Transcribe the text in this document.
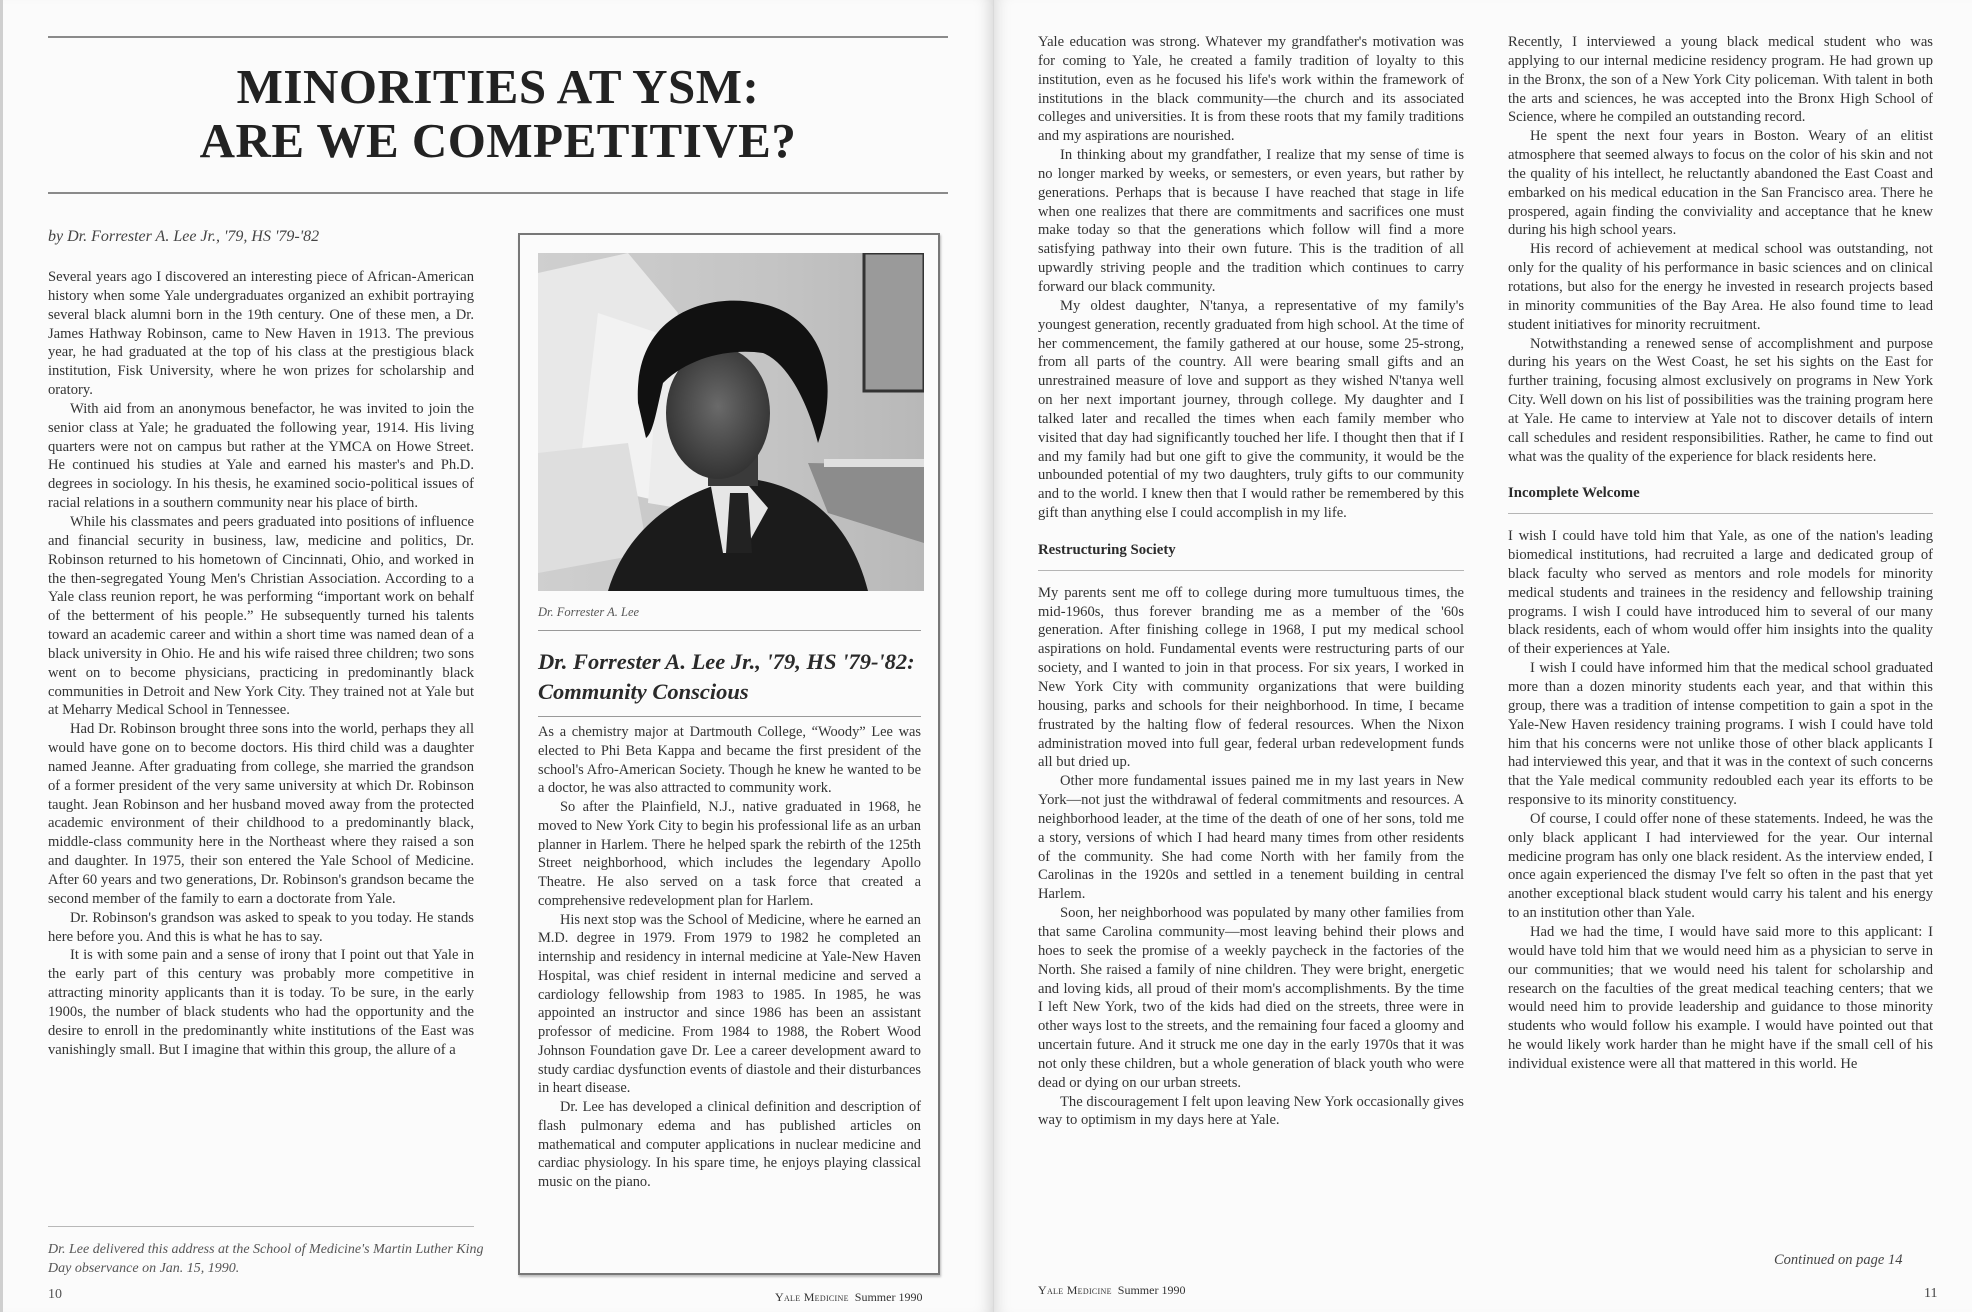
MINORITIES AT YSM:
ARE WE COMPETITIVE?
by Dr. Forrester A. Lee Jr., '79, HS '79-'82

Several years ago I discovered an interesting piece of African-American history when some Yale undergraduates organized an exhibit portraying several black alumni born in the 19th century. One of these men, a Dr. James Hathway Robinson, came to New Haven in 1913. The previous year, he had graduated at the top of his class at the prestigious black institution, Fisk University, where he won prizes for scholarship and oratory.

With aid from an anonymous benefactor, he was invited to join the senior class at Yale; he graduated the following year, 1914. His living quarters were not on campus but rather at the YMCA on Howe Street. He continued his studies at Yale and earned his master's and Ph.D. degrees in sociology. In his thesis, he examined socio-political issues of racial relations in a southern community near his place of birth.

While his classmates and peers graduated into positions of influence and financial security in business, law, medicine and politics, Dr. Robinson returned to his hometown of Cincinnati, Ohio, and worked in the then-segregated Young Men's Christian Association. According to a Yale class reunion report, he was performing “important work on behalf of the betterment of his people.” He subsequently turned his talents toward an academic career and within a short time was named dean of a black university in Ohio. He and his wife raised three children; two sons went on to become physicians, practicing in predominantly black communities in Detroit and New York City. They trained not at Yale but at Meharry Medical School in Tennessee.

Had Dr. Robinson brought three sons into the world, perhaps they all would have gone on to become doctors. His third child was a daughter named Jeanne. After graduating from college, she married the grandson of a former president of the very same university at which Dr. Robinson taught. Jean Robinson and her husband moved away from the protected academic environment of their childhood to a predominantly black, middle-class community here in the Northeast where they raised a son and daughter. In 1975, their son entered the Yale School of Medicine. After 60 years and two generations, Dr. Robinson's grandson became the second member of the family to earn a doctorate from Yale.

Dr. Robinson's grandson was asked to speak to you today. He stands here before you. And this is what he has to say.

It is with some pain and a sense of irony that I point out that Yale in the early part of this century was probably more competitive in attracting minority applicants than it is today. To be sure, in the early 1900s, the number of black students who had the opportunity and the desire to enroll in the predominantly white institutions of the East was vanishingly small. But I imagine that within this group, the allure of a

Dr. Lee delivered this address at the School of Medicine's Martin Luther King Day observance on Jan. 15, 1990.
10	Yale Medicine Summer 1990
Dr. Forrester A. Lee
Dr. Forrester A. Lee Jr., '79, HS '79-'82:
Community Conscious

As a chemistry major at Dartmouth College, “Woody” Lee was elected to Phi Beta Kappa and became the first president of the school's Afro-American Society. Though he knew he wanted to be a doctor, he was also attracted to community work.

So after the Plainfield, N.J., native graduated in 1968, he moved to New York City to begin his professional life as an urban planner in Harlem. There he helped spark the rebirth of the 125th Street neighborhood, which includes the legendary Apollo Theatre. He also served on a task force that created a comprehensive redevelopment plan for Harlem.

His next stop was the School of Medicine, where he earned an M.D. degree in 1979. From 1979 to 1982 he completed an internship and residency in internal medicine at Yale-New Haven Hospital, was chief resident in internal medicine and served a cardiology fellowship from 1983 to 1985. In 1985, he was appointed an instructor and since 1986 has been an assistant professor of medicine. From 1984 to 1988, the Robert Wood Johnson Foundation gave Dr. Lee a career development award to study cardiac dysfunction events of diastole and their disturbances in heart disease.

Dr. Lee has developed a clinical definition and description of flash pulmonary edema and has published articles on mathematical and computer applications in nuclear medicine and cardiac physiology. In his spare time, he enjoys playing classical music on the piano.

Yale education was strong. Whatever my grandfather's motivation was for coming to Yale, he created a family tradition of loyalty to this institution, even as he focused his life's work within the framework of institutions in the black community—the church and its associated colleges and universities. It is from these roots that my family traditions and my aspirations are nourished.

In thinking about my grandfather, I realize that my sense of time is no longer marked by weeks, or semesters, or even years, but rather by generations. Perhaps that is because I have reached that stage in life when one realizes that there are commitments and sacrifices one must make today so that the generations which follow will find a more satisfying pathway into their own future. This is the tradition of all upwardly striving people and the tradition which continues to carry forward our black community.

My oldest daughter, N'tanya, a representative of my family's youngest generation, recently graduated from high school. At the time of her commencement, the family gathered at our house, some 25-strong, from all parts of the country. All were bearing small gifts and an unrestrained measure of love and support as they wished N'tanya well on her next important journey, through college. My daughter and I talked later and recalled the times when each family member who visited that day had significantly touched her life. I thought then that if I and my family had but one gift to give the community, it would be the unbounded potential of my two daughters, truly gifts to our community and to the world. I knew then that I would rather be remembered by this gift than anything else I could accomplish in my life.

Restructuring Society

My parents sent me off to college during more tumultuous times, the mid-1960s, thus forever branding me as a member of the '60s generation. After finishing college in 1968, I put my medical school aspirations on hold. Fundamental events were restructuring parts of our society, and I wanted to join in that process. For six years, I worked in New York City with community organizations that were building housing, parks and schools for their neighborhood. In time, I became frustrated by the halting flow of federal resources. When the Nixon administration moved into full gear, federal urban redevelopment funds all but dried up.

Other more fundamental issues pained me in my last years in New York—not just the withdrawal of federal commitments and resources. A neighborhood leader, at the time of the death of one of her sons, told me a story, versions of which I had heard many times from other residents of the community. She had come North with her family from the Carolinas in the 1920s and settled in a tenement building in central Harlem.

Soon, her neighborhood was populated by many other families from that same Carolina community—most leaving behind their plows and hoes to seek the promise of a weekly paycheck in the factories of the North. She raised a family of nine children. They were bright, energetic and loving kids, all proud of their mom's accomplishments. By the time I left New York, two of the kids had died on the streets, three were in other ways lost to the streets, and the remaining four faced a gloomy and uncertain future. And it struck me one day in the early 1970s that it was not only these children, but a whole generation of black youth who were dead or dying on our urban streets.

The discouragement I felt upon leaving New York occasionally gives way to optimism in my days here at Yale.

Recently, I interviewed a young black medical student who was applying to our internal medicine residency program. He had grown up in the Bronx, the son of a New York City policeman. With talent in both the arts and sciences, he was accepted into the Bronx High School of Science, where he compiled an outstanding record.

He spent the next four years in Boston. Weary of an elitist atmosphere that seemed always to focus on the color of his skin and not the quality of his intellect, he reluctantly abandoned the East Coast and embarked on his medical education in the San Francisco area. There he prospered, again finding the conviviality and acceptance that he knew during his high school years.

His record of achievement at medical school was outstanding, not only for the quality of his performance in basic sciences and on clinical rotations, but also for the energy he invested in research projects based in minority communities of the Bay Area. He also found time to lead student initiatives for minority recruitment.

Notwithstanding a renewed sense of accomplishment and purpose during his years on the West Coast, he set his sights on the East for further training, focusing almost exclusively on programs in New York City. Well down on his list of possibilities was the training program here at Yale. He came to interview at Yale not to discover details of intern call schedules and resident responsibilities. Rather, he came to find out what was the quality of the experience for black residents here.

Incomplete Welcome

I wish I could have told him that Yale, as one of the nation's leading biomedical institutions, had recruited a large and dedicated group of black faculty who served as mentors and role models for minority medical students and trainees in the residency and fellowship training programs. I wish I could have introduced him to several of our many black residents, each of whom would offer him insights into the quality of their experiences at Yale.

I wish I could have informed him that the medical school graduated more than a dozen minority students each year, and that within this group, there was a tradition of intense competition to gain a spot in the Yale-New Haven residency training programs. I wish I could have told him that his concerns were not unlike those of other black applicants I had interviewed this year, and that it was in the context of such concerns that the Yale medical community redoubled each year its efforts to be responsive to its minority constituency.

Of course, I could offer none of these statements. Indeed, he was the only black applicant I had interviewed for the year. Our internal medicine program has only one black resident. As the interview ended, I once again experienced the dismay I've felt so often in the past that yet another exceptional black student would carry his talent and his energy to an institution other than Yale.

Had we had the time, I would have said more to this applicant: I would have told him that we would need him as a physician to serve in our communities; that we would need his talent for scholarship and research on the faculties of the great medical teaching centers; that we would need him to provide leadership and guidance to those minority students who would follow his example. I would have pointed out that he would likely work harder than he might have if the small cell of his individual existence were all that mattered in this world. He

Continued on page 14
11
Yale Medicine Summer 1990
